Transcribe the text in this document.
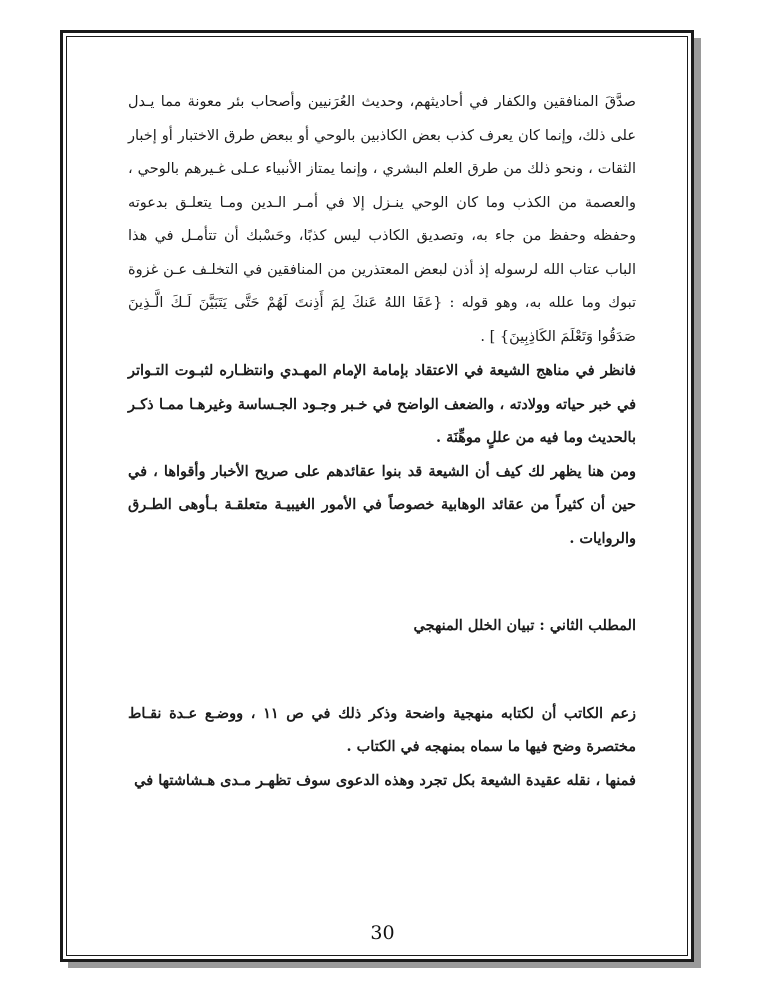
صدَّقَ المنافقين والكفار في أحاديثهم، وحديث العُرَنيين وأصحاب بئر معونة مما يـدل على ذلك، وإنما كان يعرف كذب بعض الكاذبين بالوحي أو ببعض طرق الاختبار أو إخبار الثقات ، ونحو ذلك من طرق العلم البشري ، وإنما يمتاز الأنبياء عـلى غـيرهم بالوحي ، والعصمة من الكذب وما كان الوحي ينـزل إلا في أمـر الـدين ومـا يتعلـق بدعوته وحفظه وحفظ من جاء به، وتصديق الكاذب ليس كذبًا، وحَسْبك أن تتأمـل في هذا الباب عتاب الله لرسوله إذ أذن لبعض المعتذرين من المنافقين في التخلـف عـن غزوة تبوك وما علله به، وهو قوله : {عَفَا اللهُ عَنكَ لِمَ أَذِنتَ لَهُمْ حَتَّى يَتَبَيَّنَ لَـكَ الَّـذِينَ صَدَقُوا وَتَعْلَمَ الكَاذِبِينَ} ] .

فانظر في مناهج الشيعة في الاعتقاد بإمامة الإمام المهـدي وانتظـاره لثبـوت التـواتر في خبر حياته وولادته ، والضعف الواضح في خـبر وجـود الجـساسة وغيرهـا ممـا ذكـر بالحديث وما فيه من عللٍ موهِّنَة .

ومن هنا يظهر لك كيف أن الشيعة قد بنوا عقائدهم على صريح الأخبار وأقواها ، في حين أن كثيراً من عقائد الوهابية خصوصاً في الأمور الغيبيـة متعلقـة بـأوهى الطـرق والروايات .

المطلب الثاني : تبيان الخلل المنهجي

زعم الكاتب أن لكتابه منهجية واضحة وذكر ذلك في ص ١١ ، ووضـع عـدة نقـاط مختصرة وضح فيها ما سماه بمنهجه في الكتاب .

فمنها ، نقله عقيدة الشيعة بكل تجرد وهذه الدعوى سوف تظهـر مـدى هـشاشتها في

30
